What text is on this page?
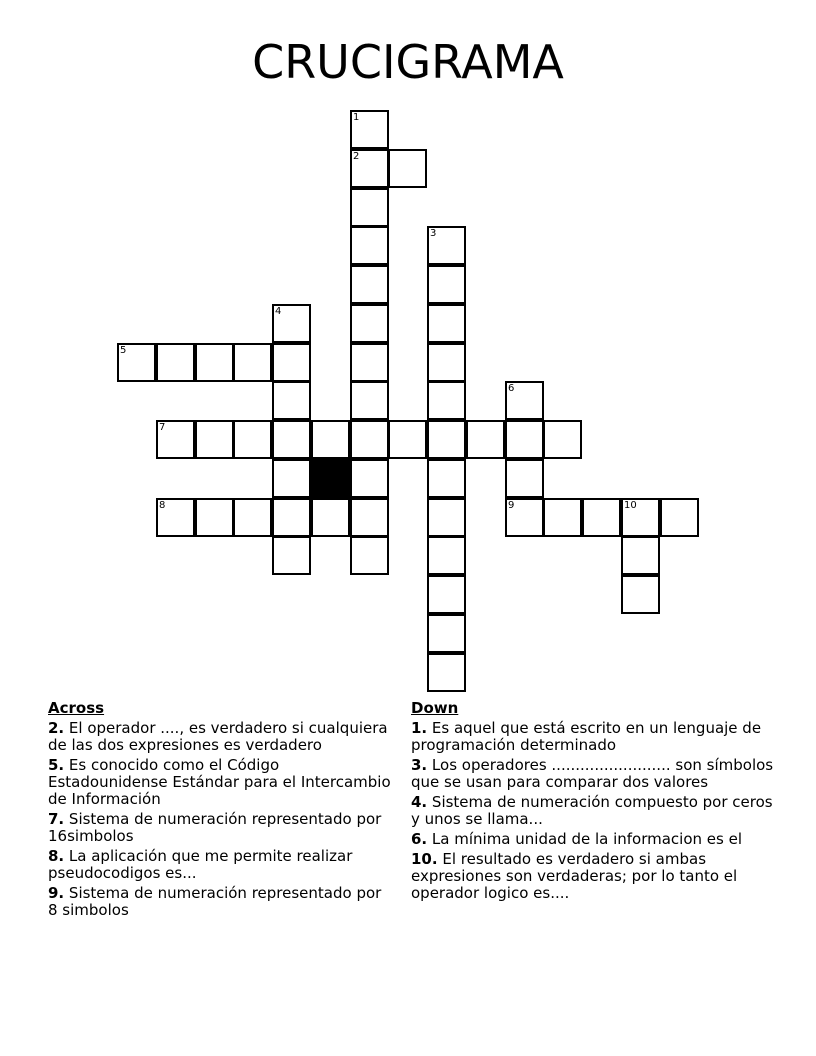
CRUCIGRAMA
1
2
3
4
5
6
7
8	9	10
Across
2. El operador ...., es verdadero si cualquiera de las dos expresiones es verdadero
5. Es conocido como el Código Estadounidense Estándar para el Intercambio de Información
7. Sistema de numeración representado por 16simbolos
8. La aplicación que me permite realizar pseudocodigos es...
9. Sistema de numeración representado por 8 simbolos
Down
1. Es aquel que está escrito en un lenguaje de programación determinado
3. Los operadores ......................... son símbolos que se usan para comparar dos valores
4. Sistema de numeración compuesto por ceros y unos se llama...
6. La mínima unidad de la informacion es el
10. El resultado es verdadero si ambas expresiones son verdaderas; por lo tanto el operador logico es....
